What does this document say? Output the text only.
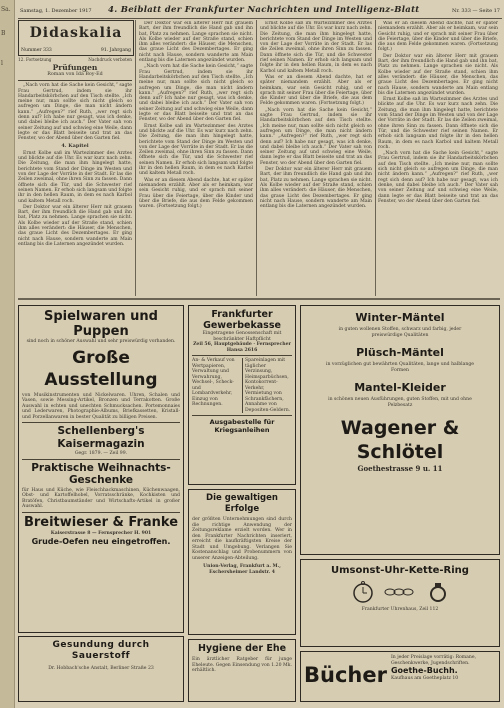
Sa.
B
l
Samstag, 1. Dezember 1917 4. Beiblatt der Frankfurter Nachrichten und Intelligenz-Blatt	Nr. 333 — Seite 17
Didaskalia
Nummer 333	91. Jahrgang
12. Fortsetzung	Nachdruck verboten
Prüfungen
Roman von Ida Boy-Ed

„Nach vorn hat die Sache kein Gesicht,“ sagte Frau Gertrud, indem sie ihr Handarbeitskörbchen auf den Tisch stellte. „Ich meine nur, man sollte sich nicht gleich so aufregen um Dinge, die man nicht ändern kann.“ „Aufregen?“ rief Ruth, „wer regt sich denn auf? Ich habe nur gesagt, was ich denke, und dabei bleibe ich auch.“ Der Vater sah von seiner Zeitung auf und schwieg eine Weile, dann legte er das Blatt beiseite und trat an das Fenster, wo der Abend über den Garten fiel.

4. Kapitel

Ernst Kolbe saß im Wartezimmer des Arztes und blickte auf die Uhr. Es war kurz nach zehn. Die Zeitung, die man ihm hingelegt hatte, berichtete vom Stand der Dinge im Westen und von der Lage der Vorräte in der Stadt. Er las die Zeilen zweimal, ohne ihren Sinn zu fassen. Dann öffnete sich die Tür, und die Schwester rief seinen Namen. Er erhob sich langsam und folgte ihr in den hellen Raum, in dem es nach Karbol und kaltem Metall roch.

Der Doktor war ein älterer Herr mit grauem Bart, der ihm freundlich die Hand gab und ihn bat, Platz zu nehmen. Lange sprachen sie nicht. Als Kolbe wieder auf der Straße stand, schien ihm alles verändert: die Häuser, die Menschen, das graue Licht des Dezembertages. Er ging nicht nach Hause, sondern wanderte am Main entlang bis die Laternen angezündet wurden.

Der Doktor war ein älterer Herr mit grauem Bart, der ihm freundlich die Hand gab und ihn bat, Platz zu nehmen. Lange sprachen sie nicht. Als Kolbe wieder auf der Straße stand, schien ihm alles verändert: die Häuser, die Menschen, das graue Licht des Dezembertages. Er ging nicht nach Hause, sondern wanderte am Main entlang bis die Laternen angezündet wurden.

„Nach vorn hat die Sache kein Gesicht,“ sagte Frau Gertrud, indem sie ihr Handarbeitskörbchen auf den Tisch stellte. „Ich meine nur, man sollte sich nicht gleich so aufregen um Dinge, die man nicht ändern kann.“ „Aufregen?“ rief Ruth, „wer regt sich denn auf? Ich habe nur gesagt, was ich denke, und dabei bleibe ich auch.“ Der Vater sah von seiner Zeitung auf und schwieg eine Weile, dann legte er das Blatt beiseite und trat an das Fenster, wo der Abend über den Garten fiel.

Ernst Kolbe saß im Wartezimmer des Arztes und blickte auf die Uhr. Es war kurz nach zehn. Die Zeitung, die man ihm hingelegt hatte, berichtete vom Stand der Dinge im Westen und von der Lage der Vorräte in der Stadt. Er las die Zeilen zweimal, ohne ihren Sinn zu fassen. Dann öffnete sich die Tür, und die Schwester rief seinen Namen. Er erhob sich langsam und folgte ihr in den hellen Raum, in dem es nach Karbol und kaltem Metall roch.

Was er an diesem Abend dachte, hat er später niemandem erzählt. Aber als er heimkam, war sein Gesicht ruhig, und er sprach mit seiner Frau über die Feiertage, über die Kinder und über die Briefe, die aus dem Felde gekommen waren. (Fortsetzung folgt.)

Ernst Kolbe saß im Wartezimmer des Arztes und blickte auf die Uhr. Es war kurz nach zehn. Die Zeitung, die man ihm hingelegt hatte, berichtete vom Stand der Dinge im Westen und von der Lage der Vorräte in der Stadt. Er las die Zeilen zweimal, ohne ihren Sinn zu fassen. Dann öffnete sich die Tür, und die Schwester rief seinen Namen. Er erhob sich langsam und folgte ihr in den hellen Raum, in dem es nach Karbol und kaltem Metall roch.

Was er an diesem Abend dachte, hat er später niemandem erzählt. Aber als er heimkam, war sein Gesicht ruhig, und er sprach mit seiner Frau über die Feiertage, über die Kinder und über die Briefe, die aus dem Felde gekommen waren. (Fortsetzung folgt.)

„Nach vorn hat die Sache kein Gesicht,“ sagte Frau Gertrud, indem sie ihr Handarbeitskörbchen auf den Tisch stellte. „Ich meine nur, man sollte sich nicht gleich so aufregen um Dinge, die man nicht ändern kann.“ „Aufregen?“ rief Ruth, „wer regt sich denn auf? Ich habe nur gesagt, was ich denke, und dabei bleibe ich auch.“ Der Vater sah von seiner Zeitung auf und schwieg eine Weile, dann legte er das Blatt beiseite und trat an das Fenster, wo der Abend über den Garten fiel.

Der Doktor war ein älterer Herr mit grauem Bart, der ihm freundlich die Hand gab und ihn bat, Platz zu nehmen. Lange sprachen sie nicht. Als Kolbe wieder auf der Straße stand, schien ihm alles verändert: die Häuser, die Menschen, das graue Licht des Dezembertages. Er ging nicht nach Hause, sondern wanderte am Main entlang bis die Laternen angezündet wurden.

Was er an diesem Abend dachte, hat er später niemandem erzählt. Aber als er heimkam, war sein Gesicht ruhig, und er sprach mit seiner Frau über die Feiertage, über die Kinder und über die Briefe, die aus dem Felde gekommen waren. (Fortsetzung folgt.)

Der Doktor war ein älterer Herr mit grauem Bart, der ihm freundlich die Hand gab und ihn bat, Platz zu nehmen. Lange sprachen sie nicht. Als Kolbe wieder auf der Straße stand, schien ihm alles verändert: die Häuser, die Menschen, das graue Licht des Dezembertages. Er ging nicht nach Hause, sondern wanderte am Main entlang bis die Laternen angezündet wurden.

Ernst Kolbe saß im Wartezimmer des Arztes und blickte auf die Uhr. Es war kurz nach zehn. Die Zeitung, die man ihm hingelegt hatte, berichtete vom Stand der Dinge im Westen und von der Lage der Vorräte in der Stadt. Er las die Zeilen zweimal, ohne ihren Sinn zu fassen. Dann öffnete sich die Tür, und die Schwester rief seinen Namen. Er erhob sich langsam und folgte ihr in den hellen Raum, in dem es nach Karbol und kaltem Metall roch.

„Nach vorn hat die Sache kein Gesicht,“ sagte Frau Gertrud, indem sie ihr Handarbeitskörbchen auf den Tisch stellte. „Ich meine nur, man sollte sich nicht gleich so aufregen um Dinge, die man nicht ändern kann.“ „Aufregen?“ rief Ruth, „wer regt sich denn auf? Ich habe nur gesagt, was ich denke, und dabei bleibe ich auch.“ Der Vater sah von seiner Zeitung auf und schwieg eine Weile, dann legte er das Blatt beiseite und trat an das Fenster, wo der Abend über den Garten fiel.

Spielwaren und Puppen
sind noch in schöner Auswahl und sehr preiswürdig vorhanden.
Große Ausstellung
von Musikinstrumenten und Nickelwaren. Uhren, Schalen und Vasen, sowie Messing-Artikel, Bronzen und Terrakotten. Große Auswahl in echten und unechten Schmucksachen. Portemonnaies und Lederwaren, Photographie-Albums, Briefkassetten, Kristall- und Porzellanwaren in bester Qualität zu billigen Preisen.
Schellenberg's Kaisermagazin
Gegr. 1879. — Zeil 99.
Praktische Weihnachts-Geschenke
für Haus und Küche, wie Fleischhackmaschinen, Küchenwaagen, Obst- und Kartoffelhobel, Vorratsschränke, Kochkisten und Bratöfen, Christbaumständer und Wirtschafts-Artikel in großer Auswahl.
Breitwieser & Franke
Kaiserstrasse 8 — Fernsprecher H. 901
Grude-Oefen neu eingetroffen.
Gesundung durch Sauerstoff
Dr. Hobbach'sche Anstalt, Berliner Straße 23
Frankfurter Gewerbekasse
Eingetragene Genossenschaft mit beschränkter Haftpflicht
Zeil 56, Hauptgebäude · Fernsprecher Hansa 2616
An- & Verkauf von Wertpapieren, Verwaltung und Verwahrung, Wechsel-, Scheck- und Lombardverkehr, Einzug von Rechnungen.
Spareinlagen mit täglicher Verzinsung, Heimsparbüchsen, Kontokorrent-Verkehr, Vermietung von Schrankfächern, Annahme von Depositen-Geldern.
Ausgabestelle für Kriegsanleihen
Die gewaltigen Erfolge
der größten Unternehmungen sind durch die richtige Anwendung der Zeitungsreklame erzielt worden. Wer in den Frankfurter Nachrichten inseriert, erreicht die kaufkräftigsten Kreise der Stadt und Umgebung. Verlangen Sie Kostenanschlag und Probenummern von unserer Anzeigen-Abteilung.
Union-Verlag, Frankfurt a. M., Eschersheimer Landstr. 4
Hygiene der Ehe
Ein ärztlicher Ratgeber für junge Eheleute. Gegen Einsendung von 1.20 Mk. erhältlich.
Winter-Mäntel
in guten wollenen Stoffen, schwarz und farbig, jeder preiswürdige Qualitäten
Plüsch-Mäntel
in vorzüglichen gut bewährten Qualitäten, lange und halblange Formen
Mantel-Kleider
in schönen neuen Ausführungen, guten Stoffen, mit und ohne Pelzbesatz
Wagener & Schlötel
Goethestrasse 9 u. 11
Umsonst-Uhr-Kette-Ring
Frankfurter Uhrenhaus, Zeil 112
Bücher
In jeder Preislage vorrätig: Romane, Geschenkwerke, Jugendschriften.
Goethe-Buchh.
Kaufhaus am Goetheplatz 10
